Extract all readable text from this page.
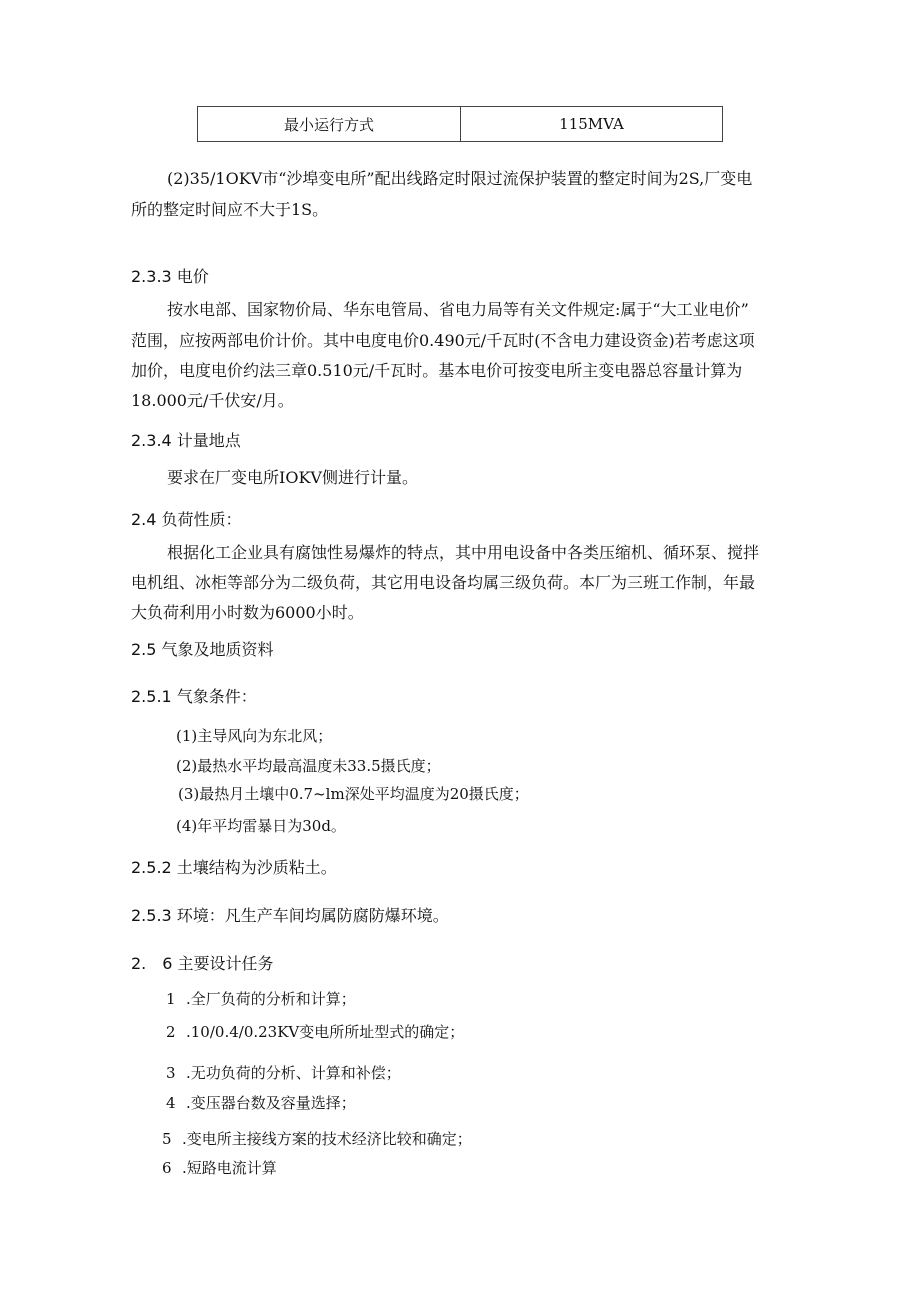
最小运行方式	115MVA
(2)35/1OKV市“沙埠变电所”配出线路定时限过流保护装置的整定时间为2S,厂变电
所的整定时间应不大于1S。
2.3.3 电价
按水电部、国家物价局、华东电管局、省电力局等有关文件规定:属于“大工业电价”
范围，应按两部电价计价。其中电度电价0.490元/千瓦时(不含电力建设资金)若考虑这项
加价，电度电价约法三章0.510元/千瓦时。基本电价可按变电所主变电器总容量计算为
18.000元/千伏安/月。
2.3.4 计量地点
要求在厂变电所IOKV侧进行计量。
2.4 负荷性质：
根据化工企业具有腐蚀性易爆炸的特点，其中用电设备中各类压缩机、循环泵、搅拌
电机组、冰柜等部分为二级负荷，其它用电设备均属三级负荷。本厂为三班工作制，年最
大负荷利用小时数为6000小时。
2.5 气象及地质资料
2.5.1 气象条件：
(1)主导风向为东北风；
(2)最热水平均最高温度未33.5摄氏度；
(3)最热月土壤中0.7~lm深处平均温度为20摄氏度；
(4)年平均雷暴日为30d。
2.5.2 土壤结构为沙质粘土。
2.5.3 环境：凡生产车间均属防腐防爆环境。
2.　6 主要设计任务
1 .全厂负荷的分析和计算；
2 .10/0.4/0.23KV变电所所址型式的确定；
3 .无功负荷的分析、计算和补偿；
4 .变压器台数及容量选择；
5 .变电所主接线方案的技术经济比较和确定；
6 .短路电流计算
